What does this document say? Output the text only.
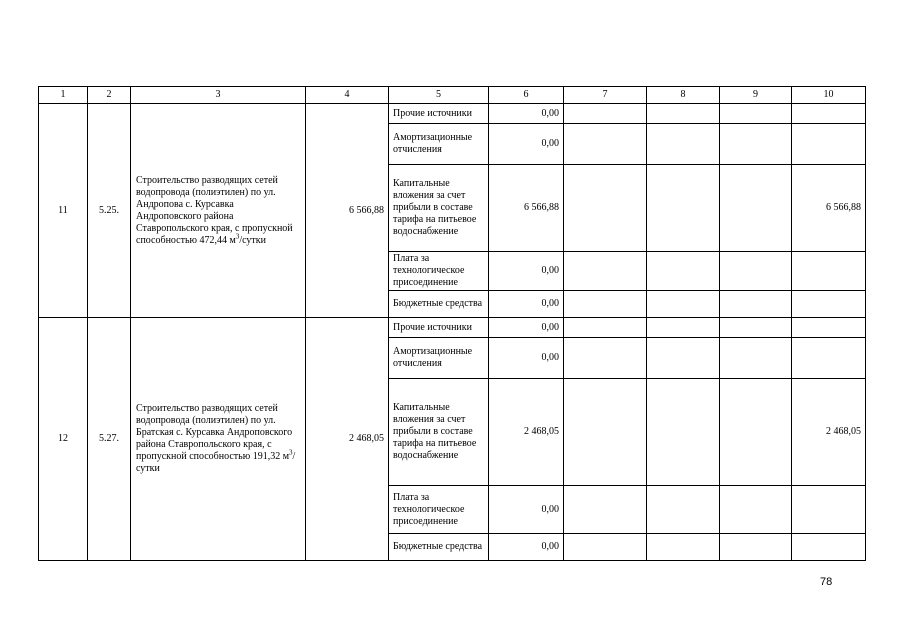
1	2	3	4	5	6	7	8	9	10
11	5.25.	Строительство разводящих сетей водопровода (полиэтилен) по ул. Андропова с. Курсавка Андроповского района Ставропольского края, с пропускной способностью 472,44 $м^3$/сутки	6 566,88	Прочие источники	0,00				
				Амортизационные отчисления	0,00				
				Капитальные вложения за счет прибыли в составе тарифа на питьевое водоснабжение	6 566,88				6 566,88
				Плата за технологическое присоединение	0,00				
				Бюджетные средства	0,00				
12	5.27.	Строительство разводящих сетей водопровода (полиэтилен) по ул. Братская с. Курсавка Андроповского района Ставропольского края, с пропускной способностью 191,32 $м^3$/сутки	2 468,05	Прочие источники	0,00				
				Амортизационные отчисления	0,00				
				Капитальные вложения за счет прибыли в составе тарифа на питьевое водоснабжение	2 468,05				2 468,05
				Плата за технологическое присоединение	0,00				
				Бюджетные средства	0,00				
78
